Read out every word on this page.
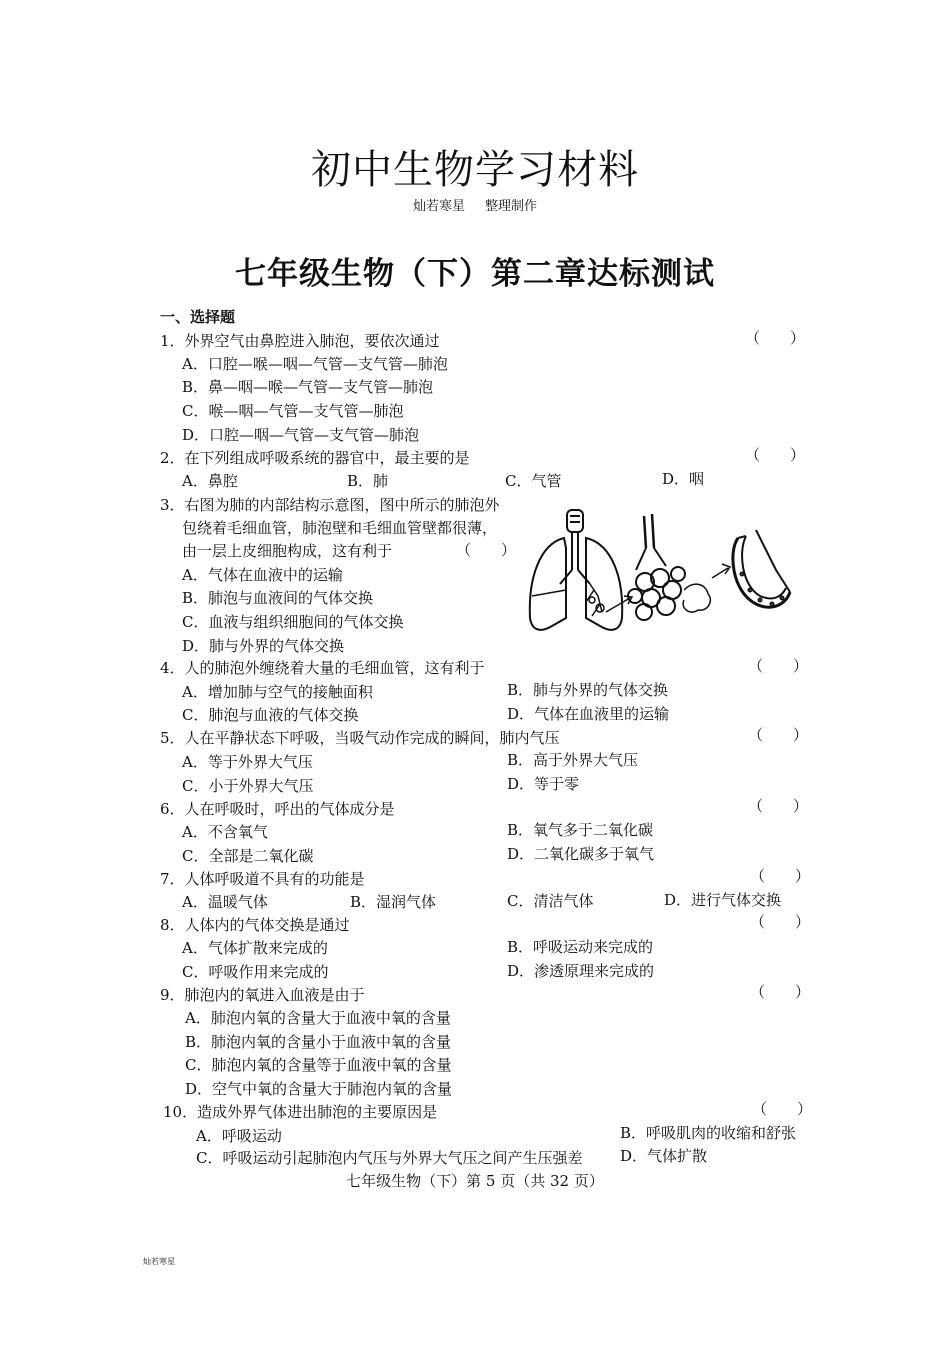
初中生物学习材料
灿若寒星 整理制作
七年级生物（下）第二章达标测试
一、选择题
1．外界空气由鼻腔进入肺泡，要依次通过	（　　）
A．口腔—喉—咽—气管—支气管—肺泡
B．鼻—咽—喉—气管—支气管—肺泡
C．喉—咽—气管—支气管—肺泡
D．口腔—咽—气管—支气管—肺泡
2．在下列组成呼吸系统的器官中，最主要的是	（　　）
A．鼻腔	B．肺	C．气管	D．咽
3．右图为肺的内部结构示意图，图中所示的肺泡外
包绕着毛细血管，肺泡壁和毛细血管壁都很薄，
由一层上皮细胞构成，这有利于	（　　）
A．气体在血液中的运输
B．肺泡与血液间的气体交换
C．血液与组织细胞间的气体交换
D．肺与外界的气体交换
4．人的肺泡外缠绕着大量的毛细血管，这有利于	（　　）
A．增加肺与空气的接触面积	B．肺与外界的气体交换
C．肺泡与血液的气体交换	D．气体在血液里的运输
5．人在平静状态下呼吸，当吸气动作完成的瞬间，肺内气压	（　　）
A．等于外界大气压	B．高于外界大气压
C．小于外界大气压	D．等于零
6．人在呼吸时，呼出的气体成分是	（　　）
A．不含氧气	B．氧气多于二氧化碳
C．全部是二氧化碳	D．二氧化碳多于氧气
7．人体呼吸道不具有的功能是	（　　）
A．温暖气体	B．湿润气体	C．清洁气体	D．进行气体交换
8．人体内的气体交换是通过	（　　）
A．气体扩散来完成的	B．呼吸运动来完成的
C．呼吸作用来完成的	D．渗透原理来完成的
9．肺泡内的氧进入血液是由于	（　　）
A．肺泡内氧的含量大于血液中氧的含量
B．肺泡内氧的含量小于血液中氧的含量
C．肺泡内氧的含量等于血液中氧的含量
D．空气中氧的含量大于肺泡内氧的含量
10．造成外界气体进出肺泡的主要原因是	（　　）
A．呼吸运动	B．呼吸肌肉的收缩和舒张
C．呼吸运动引起肺泡内气压与外界大气压之间产生压强差	D．气体扩散
七年级生物（下）第 5 页（共 32 页）
灿若寒星
